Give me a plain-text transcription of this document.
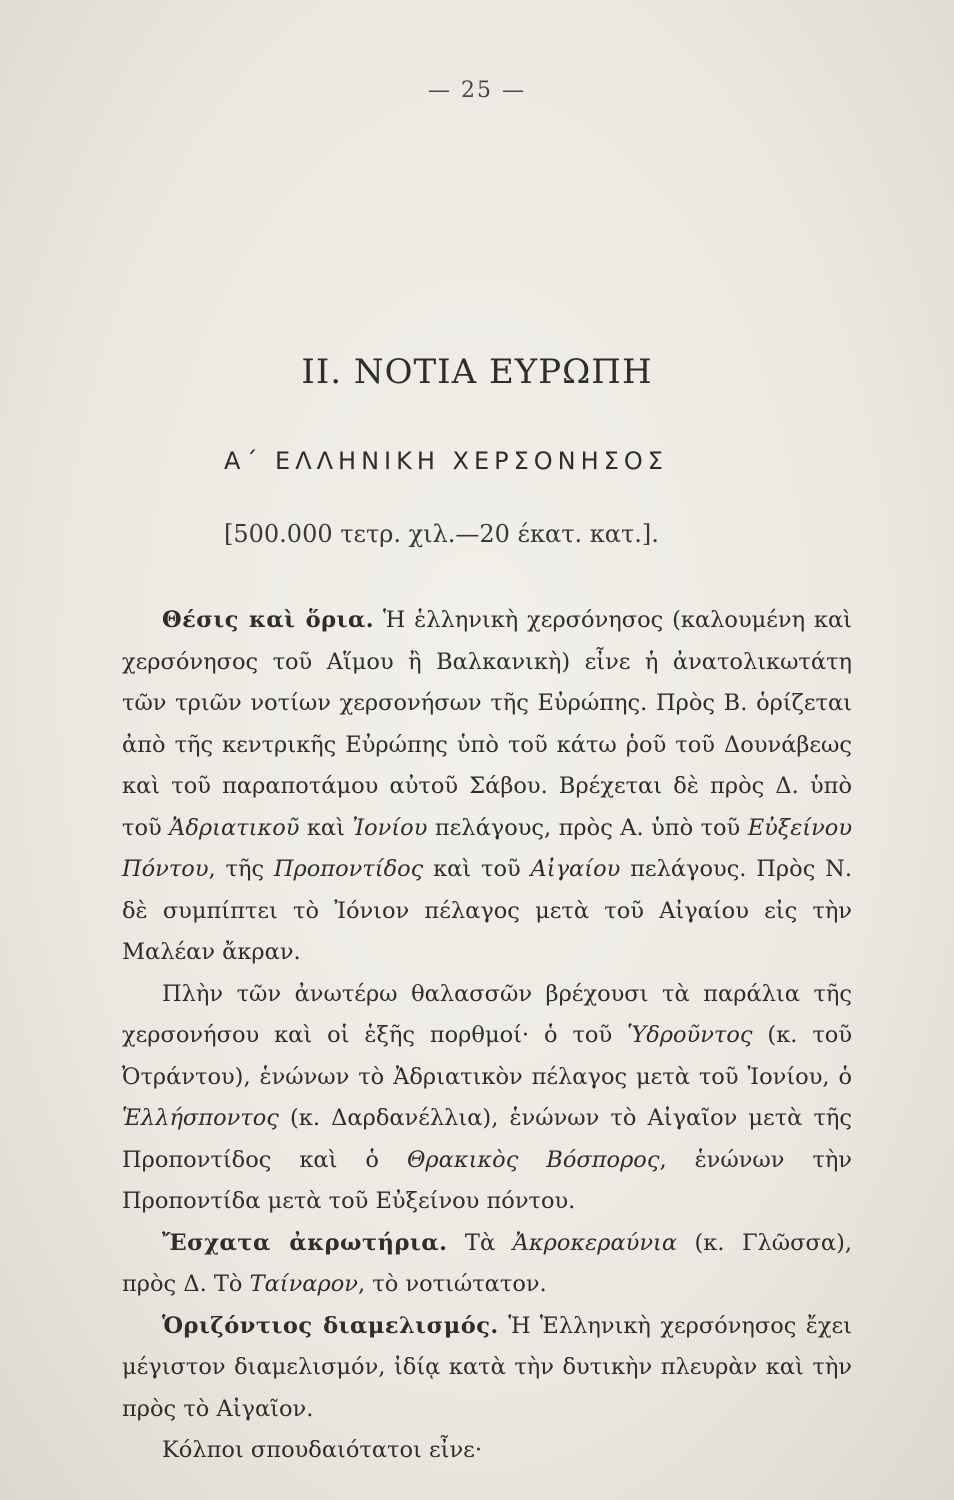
— 25 —
II. ΝΟΤΙΑ ΕΥΡΩΠΗ
Α΄ ΕΛΛΗΝΙΚΗ ΧΕΡΣΟΝΗΣΟΣ
[500.000 τετρ. χιλ.—20 έκατ. κατ.].

Θέσις καὶ ὅρια. Ἡ ἑλληνικὴ χερσόνησος (καλουμένη καὶ χερσόνησος τοῦ Αἵμου ἢ Βαλκανικὴ) εἶνε ἡ ἀνατολικωτάτη τῶν τριῶν νοτίων χερσονήσων τῆς Εὐρώπης. Πρὸς Β. ὁρίζεται ἀπὸ τῆς κεντρικῆς Εὐρώπης ὑπὸ τοῦ κάτω ῥοῦ τοῦ Δουνάβεως καὶ τοῦ παραποτάμου αὐτοῦ Σάβου. Βρέχεται δὲ πρὸς Δ. ὑπὸ τοῦ Ἀδριατικοῦ καὶ Ἰονίου πελάγους, πρὸς Α. ὑπὸ τοῦ Εὐξείνου Πόντου, τῆς Προποντίδος καὶ τοῦ Αἰγαίου πελάγους. Πρὸς Ν. δὲ συμπίπτει τὸ Ἰόνιον πέλαγος μετὰ τοῦ Αἰγαίου εἰς τὴν Μαλέαν ἄκραν.

Πλὴν τῶν ἀνωτέρω θαλασσῶν βρέχουσι τὰ παράλια τῆς χερσονήσου καὶ οἱ ἑξῆς πορθμοί· ὁ τοῦ Ὑδροῦντος (κ. τοῦ Ὀτράντου), ἑνώνων τὸ Ἀδριατικὸν πέλαγος μετὰ τοῦ Ἰονίου, ὁ Ἑλλήσποντος (κ. Δαρδανέλλια), ἑνώνων τὸ Αἰγαῖον μετὰ τῆς Προποντίδος καὶ ὁ Θρακικὸς Βόσπορος, ἑνώνων τὴν Προποντίδα μετὰ τοῦ Εὐξείνου πόντου.

Ἔσχατα ἀκρωτήρια. Τὰ Ἀκροκεραύνια (κ. Γλῶσσα), πρὸς Δ. Τὸ Ταίναρον, τὸ νοτιώτατον.

Ὁριζόντιος διαμελισμός. Ἡ Ἑλληνικὴ χερσόνησος ἔχει μέγιστον διαμελισμόν, ἰδίᾳ κατὰ τὴν δυτικὴν πλευρὰν καὶ τὴν πρὸς τὸ Αἰγαῖον.

Κόλποι σπουδαιότατοι εἶνε·
